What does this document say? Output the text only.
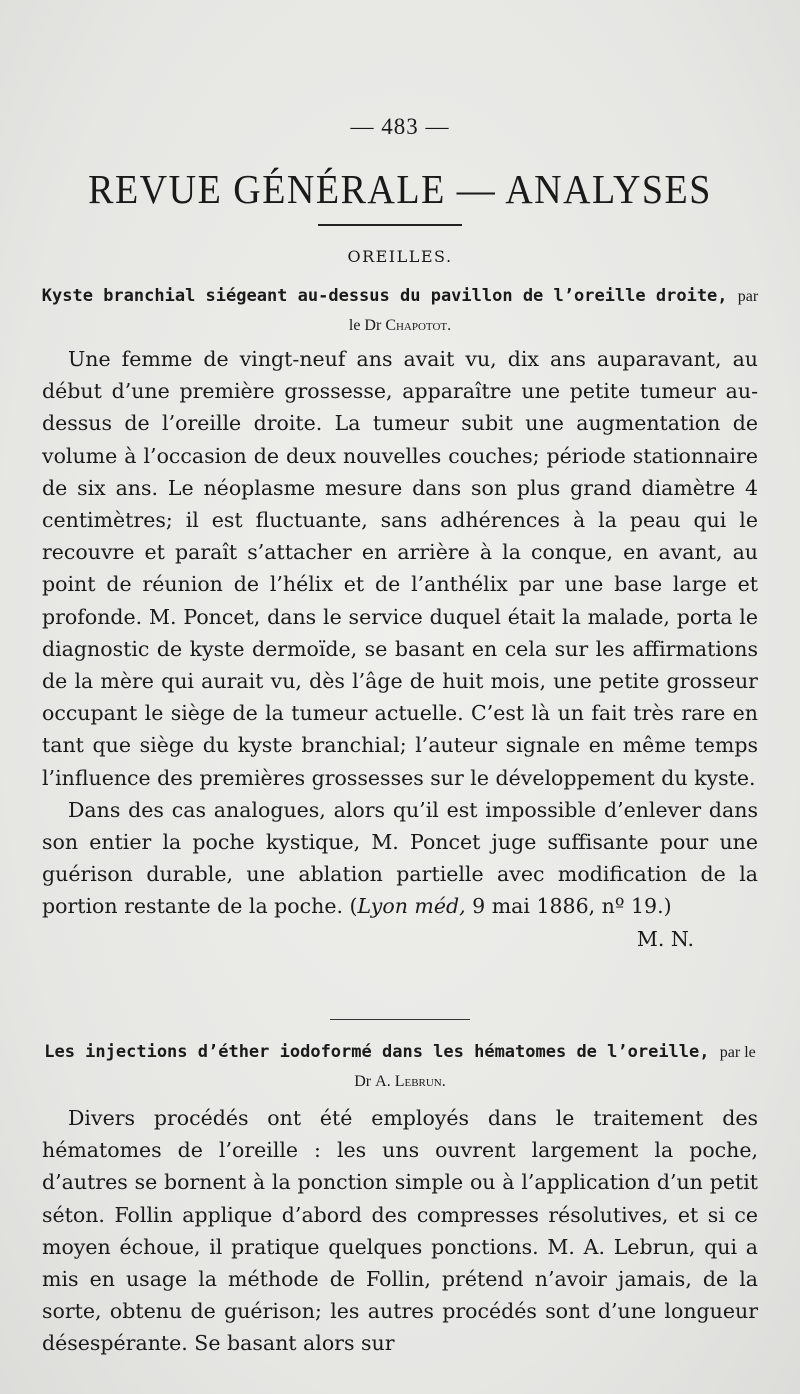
— 483 —
REVUE GÉNÉRALE — ANALYSES
OREILLES.
Kyste branchial siégeant au-dessus du pavillon de l’oreille droite, par le Dr Chapotot.

Une femme de vingt-neuf ans avait vu, dix ans auparavant, au début d’une première grossesse, apparaître une petite tumeur au-dessus de l’oreille droite. La tumeur subit une augmentation de volume à l’occasion de deux nouvelles couches; période stationnaire de six ans. Le néoplasme mesure dans son plus grand diamètre 4 centimètres; il est fluctuante, sans adhérences à la peau qui le recouvre et paraît s’attacher en arrière à la conque, en avant, au point de réunion de l’hélix et de l’anthélix par une base large et profonde. M. Poncet, dans le service duquel était la malade, porta le diagnostic de kyste dermoïde, se basant en cela sur les affirmations de la mère qui aurait vu, dès l’âge de huit mois, une petite grosseur occupant le siège de la tumeur actuelle. C’est là un fait très rare en tant que siège du kyste branchial; l’auteur signale en même temps l’influence des premières grossesses sur le développement du kyste.

Dans des cas analogues, alors qu’il est impossible d’enlever dans son entier la poche kystique, M. Poncet juge suffisante pour une guérison durable, une ablation partielle avec modification de la portion restante de la poche. (Lyon méd, 9 mai 1886, nº 19.)
M. N.

Les injections d’éther iodoformé dans les hématomes de l’oreille, par le Dr A. Lebrun.

Divers procédés ont été employés dans le traitement des hématomes de l’oreille : les uns ouvrent largement la poche, d’autres se bornent à la ponction simple ou à l’application d’un petit séton. Follin applique d’abord des compresses résolutives, et si ce moyen échoue, il pratique quelques ponctions. M. A. Lebrun, qui a mis en usage la méthode de Follin, prétend n’avoir jamais, de la sorte, obtenu de guérison; les autres procédés sont d’une longueur désespérante. Se basant alors sur
